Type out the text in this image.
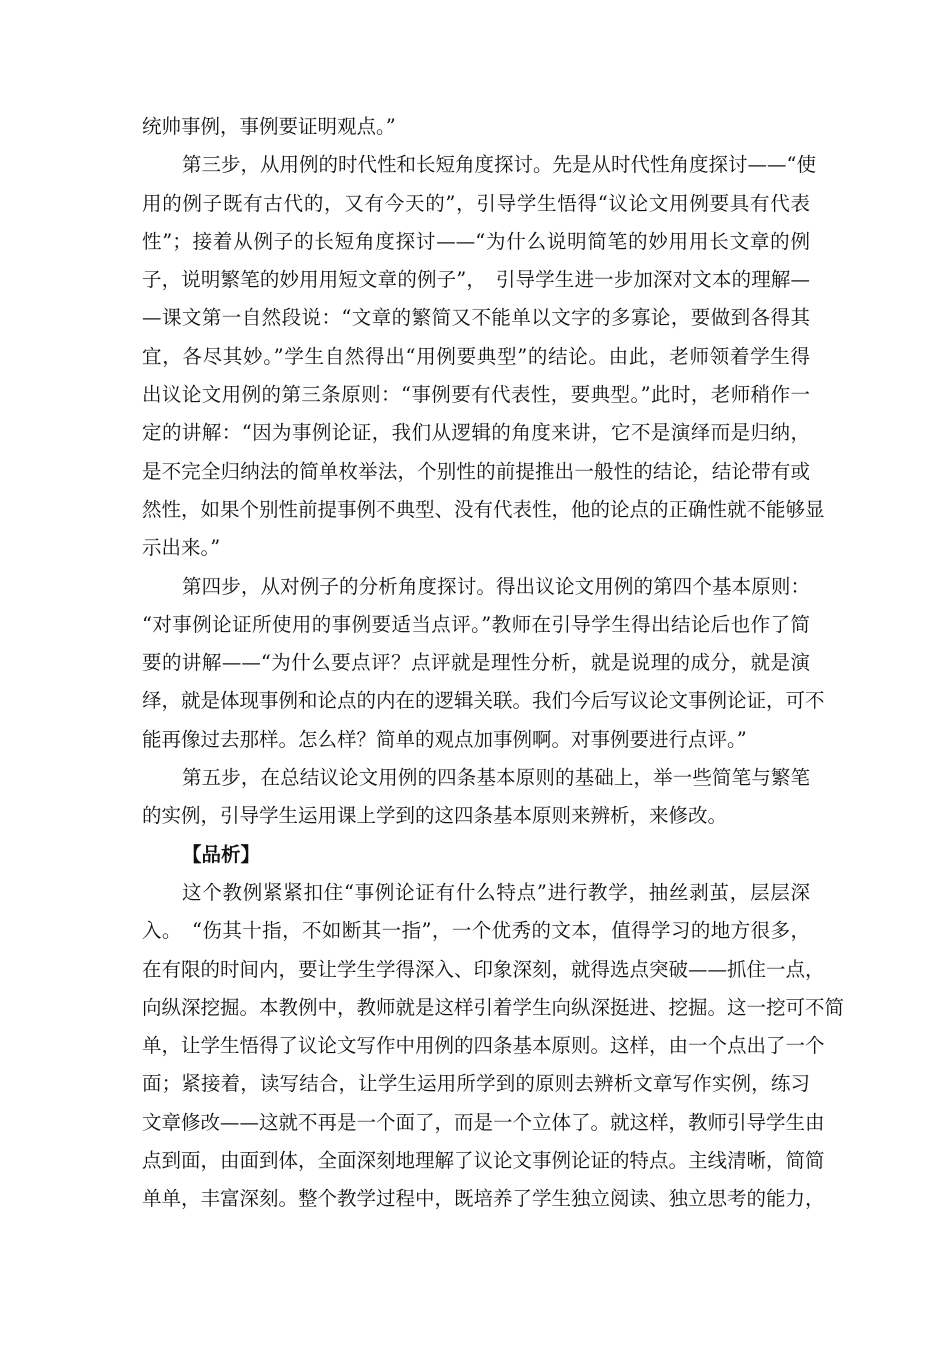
统帅事例，事例要证明观点。”
第三步，从用例的时代性和长短角度探讨。先是从时代性角度探讨——“使
用的例子既有古代的，又有今天的”，引导学生悟得“议论文用例要具有代表
性”；接着从例子的长短角度探讨——“为什么说明简笔的妙用用长文章的例
子，说明繁笔的妙用用短文章的例子”，　引导学生进一步加深对文本的理解—
—课文第一自然段说：“文章的繁简又不能单以文字的多寡论，要做到各得其
宜，各尽其妙。”学生自然得出“用例要典型”的结论。由此，老师领着学生得
出议论文用例的第三条原则：“事例要有代表性，要典型。”此时，老师稍作一
定的讲解：“因为事例论证，我们从逻辑的角度来讲，它不是演绎而是归纳，
是不完全归纳法的简单枚举法，个别性的前提推出一般性的结论，结论带有或
然性，如果个别性前提事例不典型、没有代表性，他的论点的正确性就不能够显
示出来。”
第四步，从对例子的分析角度探讨。得出议论文用例的第四个基本原则：
“对事例论证所使用的事例要适当点评。”教师在引导学生得出结论后也作了简
要的讲解——“为什么要点评？点评就是理性分析，就是说理的成分，就是演
绎，就是体现事例和论点的内在的逻辑关联。我们今后写议论文事例论证，可不
能再像过去那样。怎么样？简单的观点加事例啊。对事例要进行点评。”
第五步，在总结议论文用例的四条基本原则的基础上，举一些简笔与繁笔
的实例，引导学生运用课上学到的这四条基本原则来辨析，来修改。
【品析】
这个教例紧紧扣住“事例论证有什么特点”进行教学，抽丝剥茧，层层深
入。　“伤其十指，不如断其一指”，一个优秀的文本，值得学习的地方很多，
在有限的时间内，要让学生学得深入、印象深刻，就得选点突破——抓住一点，
向纵深挖掘。本教例中，教师就是这样引着学生向纵深挺进、挖掘。这一挖可不简
单，让学生悟得了议论文写作中用例的四条基本原则。这样，由一个点出了一个
面；紧接着，读写结合，让学生运用所学到的原则去辨析文章写作实例，练习
文章修改——这就不再是一个面了，而是一个立体了。就这样，教师引导学生由
点到面，由面到体，全面深刻地理解了议论文事例论证的特点。主线清晰，简简
单单，丰富深刻。整个教学过程中，既培养了学生独立阅读、独立思考的能力，
